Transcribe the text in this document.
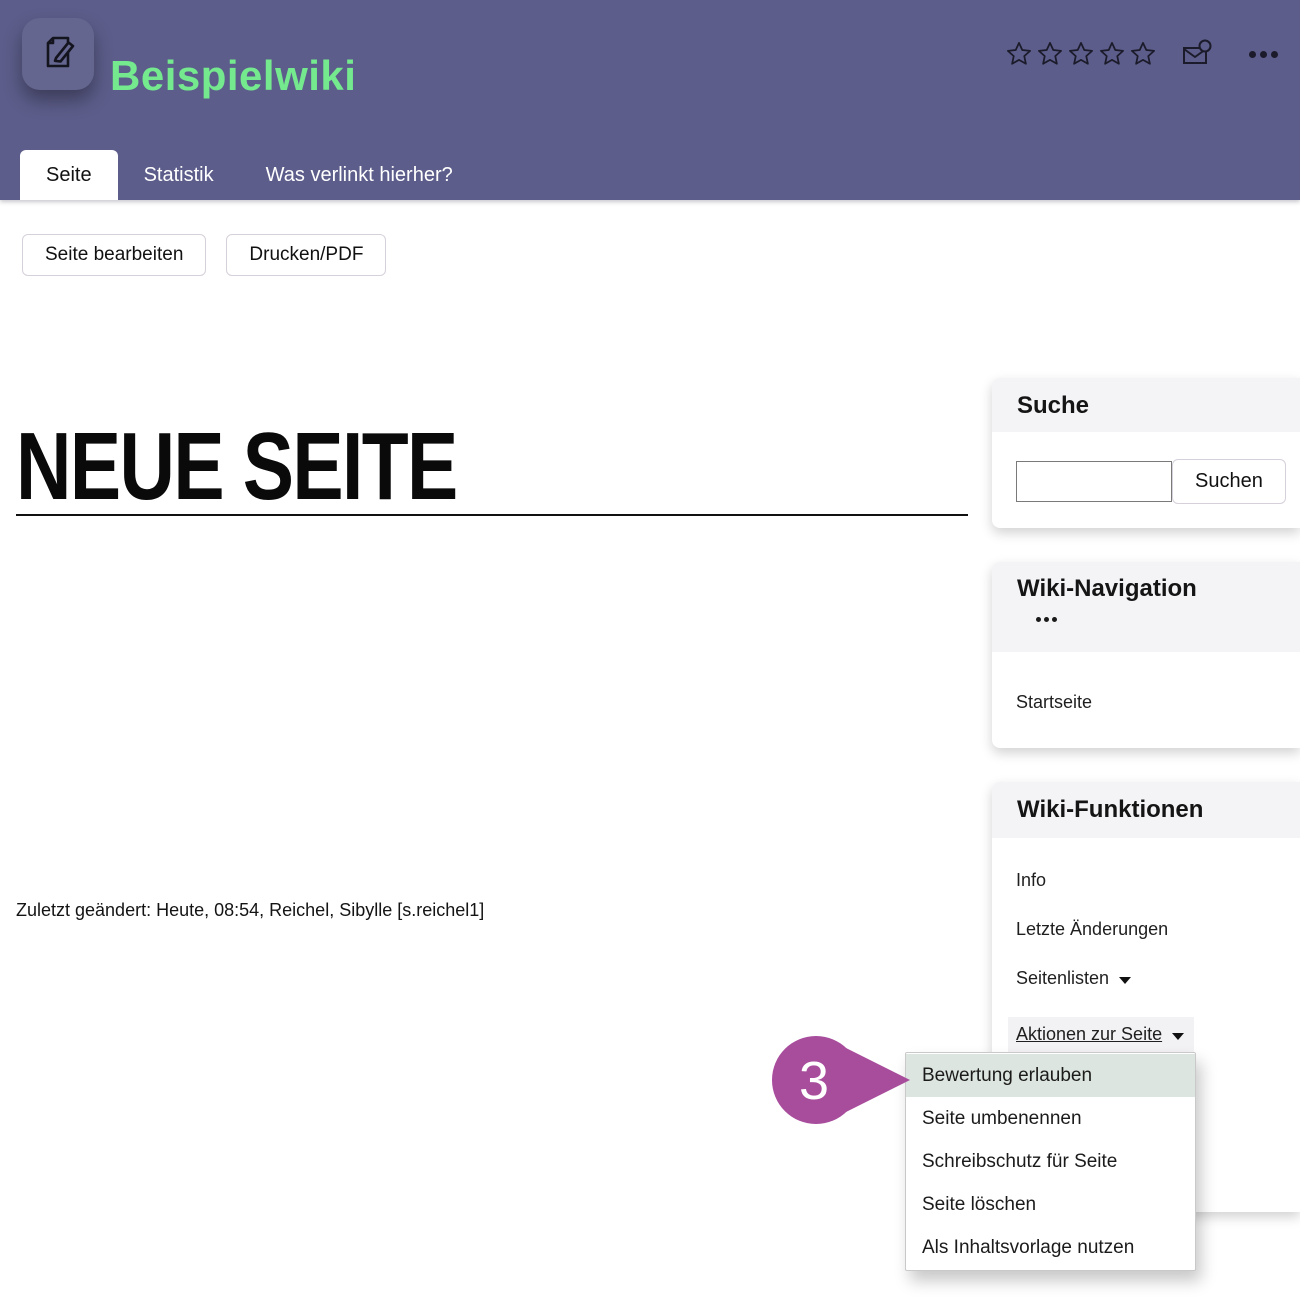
Beispielwiki
Seite	Statistik	Was verlinkt hierher?
Seite bearbeiten	Drucken/PDF
NEUE SEITE
Zuletzt geändert: Heute, 08:54, Reichel, Sibylle [s.reichel1]
Suche
Suchen
Wiki-Navigation

Startseite
Wiki-Funktionen
Info
Letzte Änderungen
Seitenlisten
Aktionen zur Seite
Bewertung erlauben
Seite umbenennen
Schreibschutz für Seite
Seite löschen
Als Inhaltsvorlage nutzen
3
